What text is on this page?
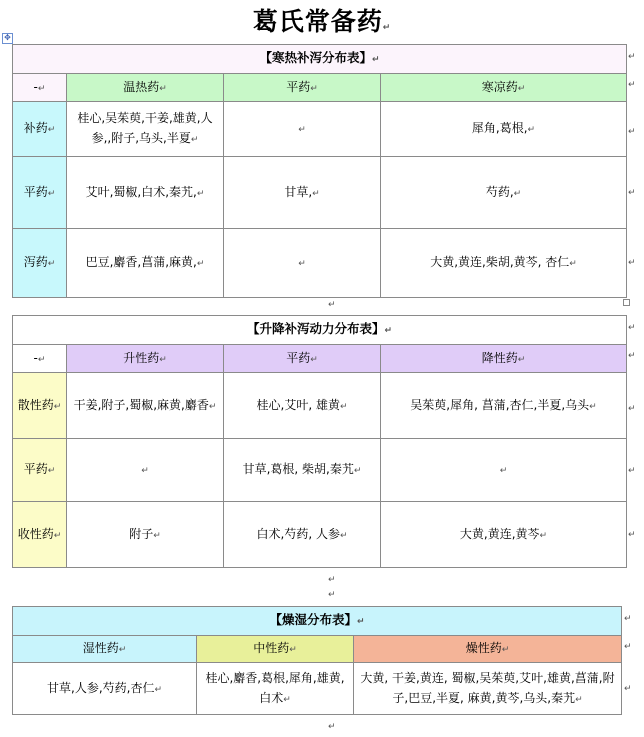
葛氏常备药↵
✥
【寒热补泻分布表】↵			
-↵	温热药↵	平药↵	寒凉药↵
补药↵	桂心,吴茱萸,干姜,雄黄,人参,,附子,乌头,半夏↵	↵	犀角,葛根,↵
平药↵	艾叶,蜀椒,白术,秦艽,↵	甘草,↵	芍药,↵
泻药↵	巴豆,麝香,菖蒲,麻黄,↵	↵	大黄,黄连,柴胡,黄芩, 杏仁↵
↵
【升降补泻动力分布表】↵			
-↵	升性药↵	平药↵	降性药↵
散性药↵	干姜,附子,蜀椒,麻黄,麝香↵	桂心,艾叶, 雄黄↵	吴茱萸,犀角, 菖蒲,杏仁,半夏,乌头↵
平药↵	↵	甘草,葛根, 柴胡,秦艽↵	↵
收性药↵	附子↵	白术,芍药, 人参↵	大黄,黄连,黄芩↵
↵
↵
【燥湿分布表】↵		
湿性药↵	中性药↵	燥性药↵
甘草,人参,芍药,杏仁↵	桂心,麝香,葛根,犀角,雄黄,白术↵	大黄, 干姜,黄连, 蜀椒,吴茱萸,艾叶,雄黄,菖蒲,附子,巴豆,半夏, 麻黄,黄芩,乌头,秦艽↵
↵
↵
↵
↵
↵
↵
↵
↵
↵
↵
↵
↵
↵
↵
